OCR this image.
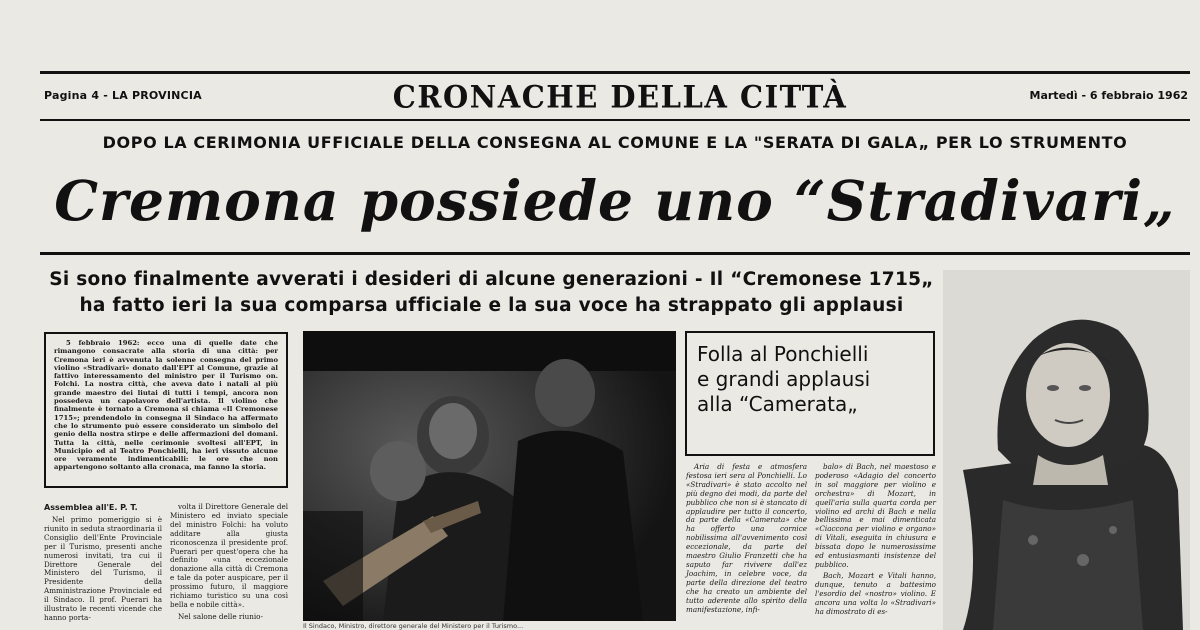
Pagina 4 - LA PROVINCIA	CRONACHE DELLA CITTÀ	Martedì - 6 febbraio 1962
DOPO LA CERIMONIA UFFICIALE DELLA CONSEGNA AL COMUNE E LA "SERATA DI GALA„ PER LO STRUMENTO
Cremona possiede uno “Stradivari„
Si sono finalmente avverati i desideri di alcune generazioni - Il “Cremonese 1715„
ha fatto ieri la sua comparsa ufficiale e la sua voce ha strappato gli applausi

5 febbraio 1962: ecco una di quelle date che rimangono consacrate alla storia di una città: per Cremona ieri è avvenuta la solenne consegna del primo violino «Stradivari» donato dall'EPT al Comune, grazie al fattivo interessamento del ministro per il Turismo on. Folchi. La nostra città, che aveva dato i natali al più grande maestro dei liutai di tutti i tempi, ancora non possedeva un capolavoro dell'artista. Il violino che finalmente è tornato a Cremona si chiama «Il Cremonese 1715»; prendendolo in consegna il Sindaco ha affermato che lo strumento può essere considerato un simbolo del genio della nostra stirpe e delle affermazioni del domani. Tutta la città, nelle cerimonie svoltesi all'EPT, in Municipio ed al Teatro Ponchielli, ha ieri vissuto alcune ore veramente indimenticabili: le ore che non appartengono soltanto alla cronaca, ma fanno la storia.

Assemblea all'E. P. T.

Nel primo pomeriggio si è riunito in seduta straordinaria il Consiglio dell'Ente Provinciale per il Turismo, presenti anche numerosi invitati, tra cui il Direttore Generale del Ministero del Turismo, il Presidente della Amministrazione Provinciale ed il Sindaco. Il prof. Puerari ha illustrato le recenti vicende che hanno porta-

volta il Direttore Generale del Ministero ed inviato speciale del ministro Folchi: ha voluto additare alla giusta riconoscenza il presidente prof. Puerari per quest'opera che ha definito «una eccezionale donazione alla città di Cremona e tale da poter auspicare, per il prossimo futuro, il maggiore richiamo turistico su una così bella e nobile città».

Nel salone delle riunio-

Il Sindaco, Ministro, direttore generale del Ministero per il Turismo...
Folla al Ponchielli
e grandi applausi
alla “Camerata„

Aria di festa e atmosfera festosa ieri sera al Ponchielli. Lo «Stradivari» è stato accolto nel più degno dei modi, da parte del pubblico che non si è stancato di applaudire per tutto il concerto, da parte della «Camerata» che ha offerto una cornice nobilissima all'avvenimento così eccezionale, da parte del maestro Giulio Franzetti che ha saputo far rivivere dall'ez Joachim, in celebre voce, da parte della direzione del teatro che ha creato un ambiente del tutto aderente allo spirito della manifestazione, infi-

balo» di Bach, nel maestoso e poderoso «Adagio del concerto in sol maggiore per violino e orchestra» di Mozart, in quell'aria sulla quarta corda per violino ed archi di Bach e nella bellissima e mai dimenticata «Ciaccona per violino e organo» di Vitali, eseguita in chiusura e bissata dopo le numerosissime ed entusiasmanti insistenze del pubblico.

Bach, Mozart e Vitali hanno, dunque, tenuto a battesimo l'esordio del «nostro» violino. E ancora una volta lo «Stradivari» ha dimostrato di es-
